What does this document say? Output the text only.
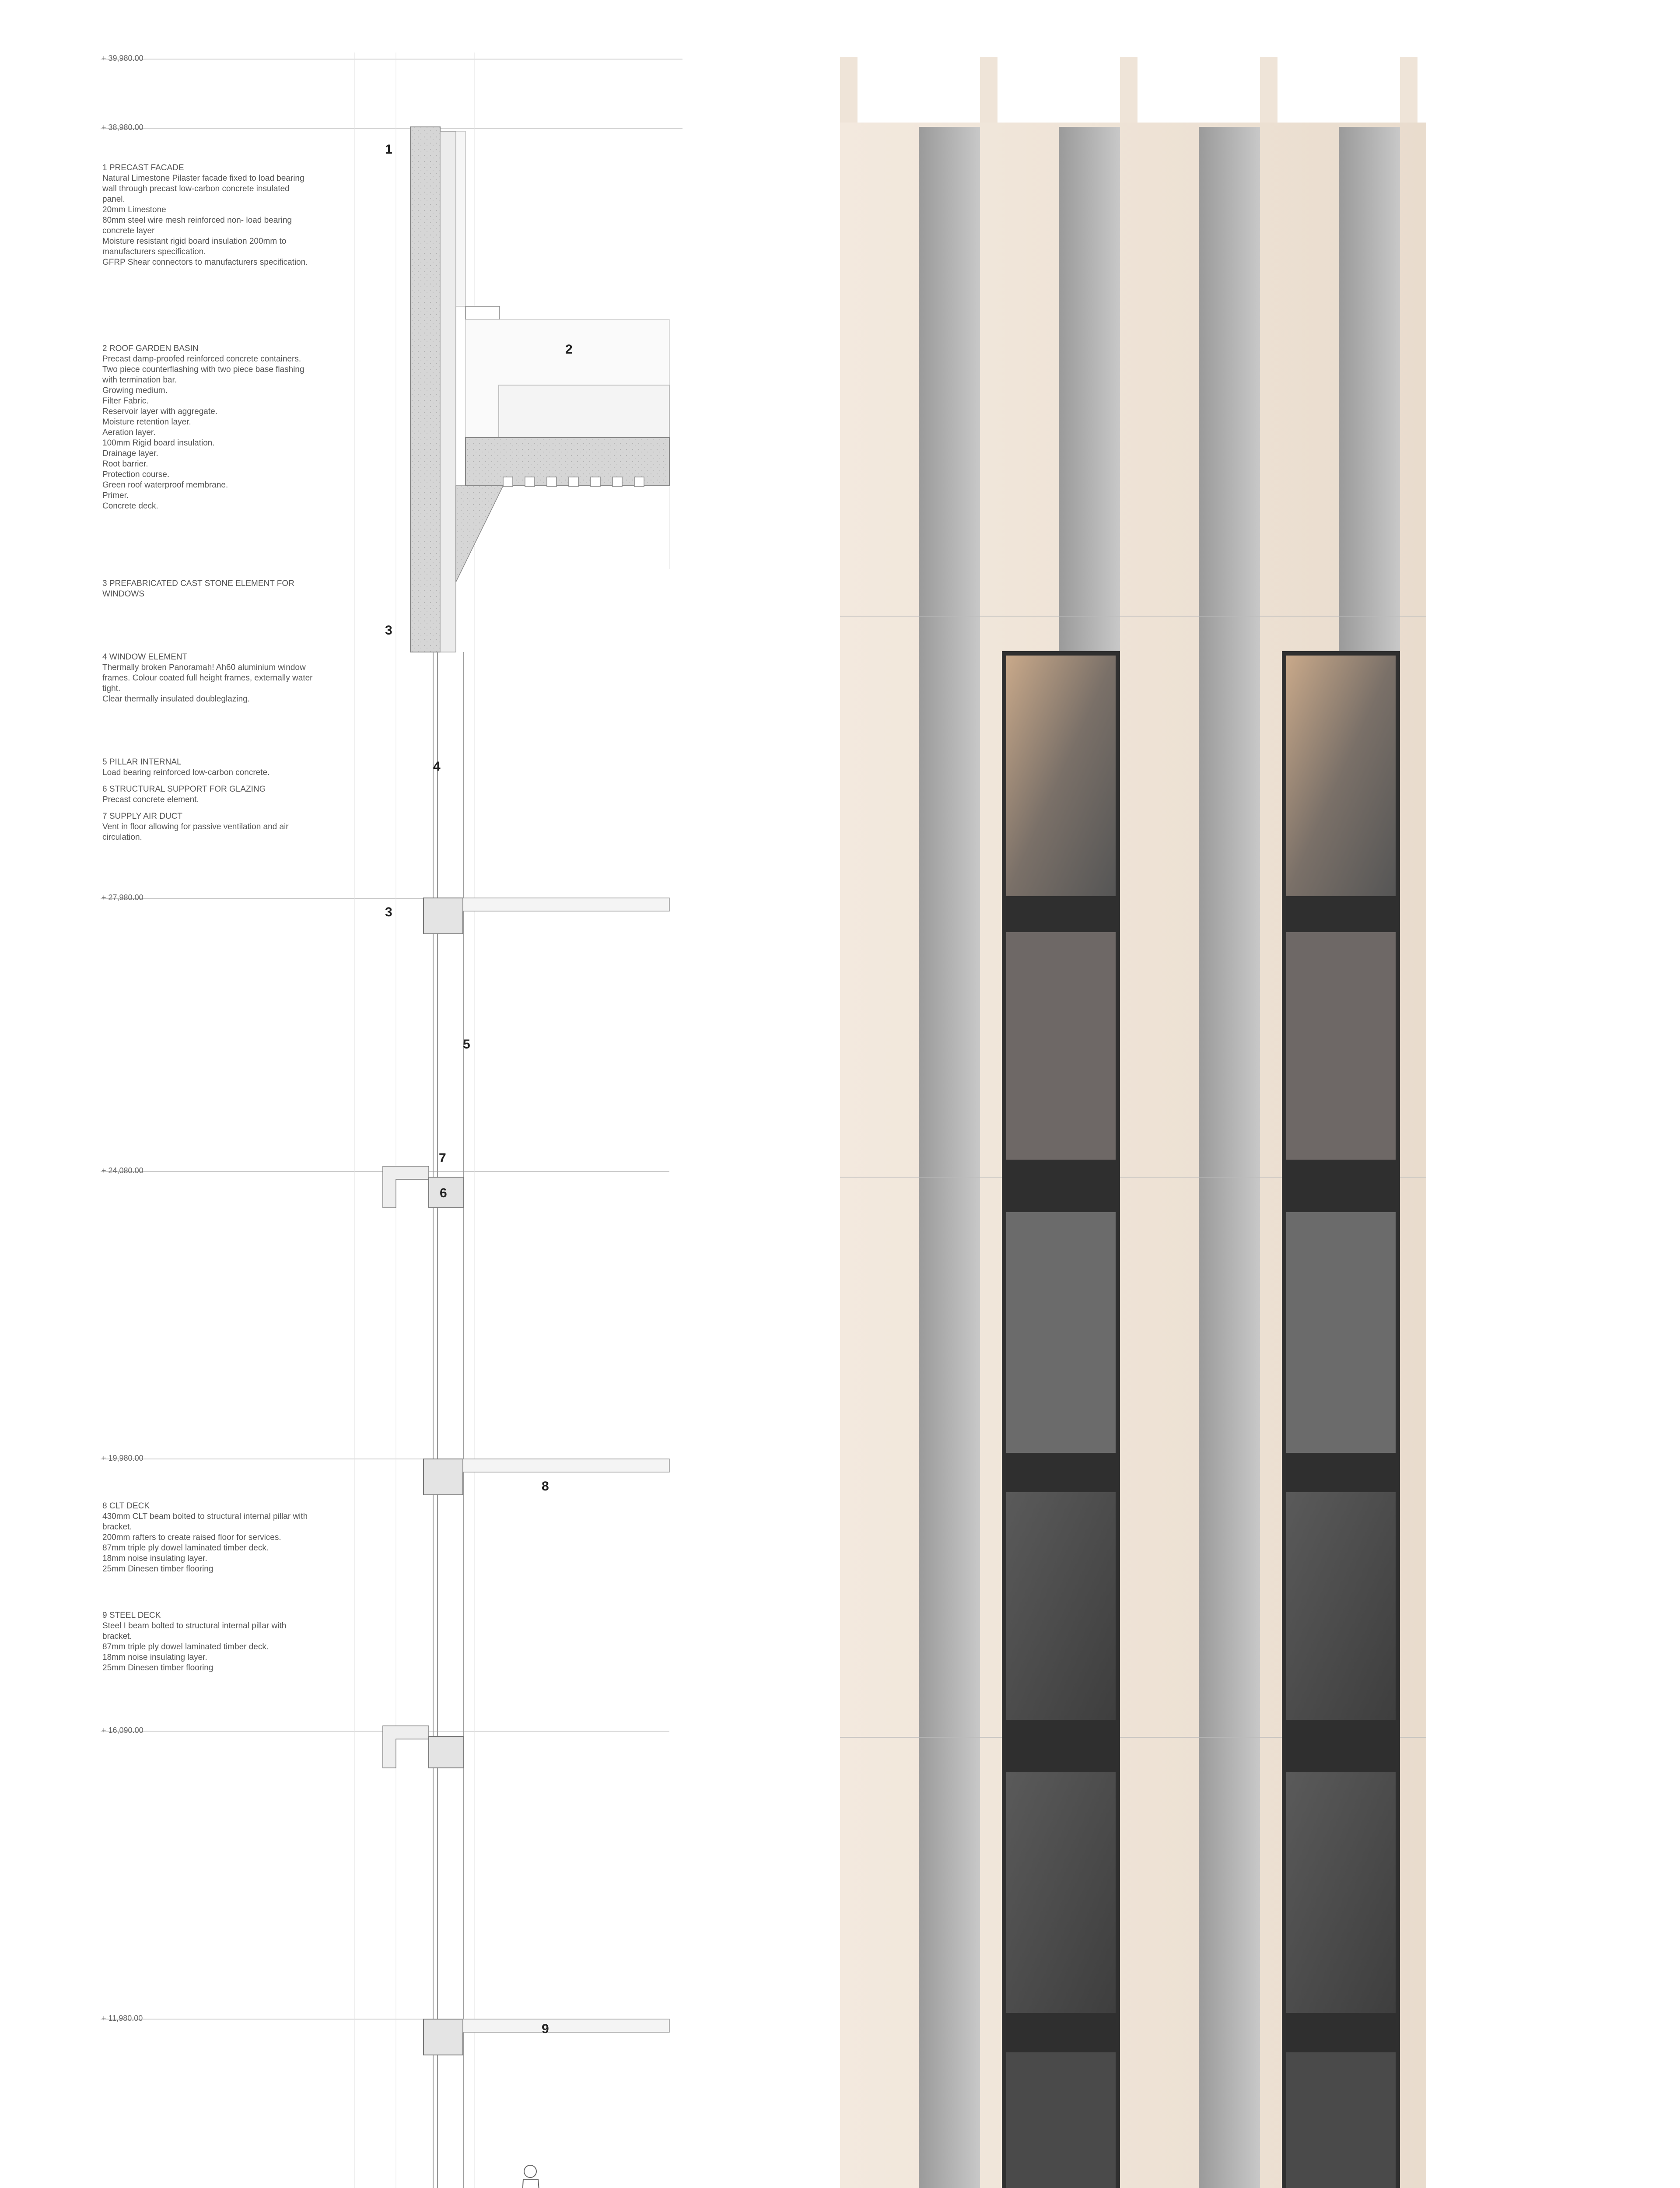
+ 39,980.00
+ 38,980.00
+ 27,980.00
+ 24,080.00
+ 19,980.00
+ 16,090.00
+ 11,980.00
1
2
3
3
4
5
7
6
8
9
1 PRECAST FACADE
Natural Limestone Pilaster facade fixed to load bearing
wall through precast low-carbon concrete insulated
panel.
20mm Limestone
80mm steel wire mesh reinforced non- load bearing
concrete layer
Moisture resistant rigid board insulation 200mm to
manufacturers specification.
GFRP Shear connectors to manufacturers specification.
2 ROOF GARDEN BASIN
Precast damp-proofed reinforced concrete containers.
Two piece counterflashing with two piece base flashing
with termination bar.
Growing medium.
Filter Fabric.
Reservoir layer with aggregate.
Moisture retention layer.
Aeration layer.
100mm Rigid board insulation.
Drainage layer.
Root barrier.
Protection course.
Green roof waterproof membrane.
Primer.
Concrete deck.
3 PREFABRICATED CAST STONE ELEMENT FOR
WINDOWS
4 WINDOW ELEMENT
Thermally broken Panoramah! Ah60 aluminium window
frames. Colour coated full height frames, externally water
tight.
Clear thermally insulated doubleglazing.
5 PILLAR INTERNAL
Load bearing reinforced low-carbon concrete.
6 STRUCTURAL SUPPORT FOR GLAZING
Precast concrete element.
7 SUPPLY AIR DUCT
Vent in floor allowing for passive ventilation and air
circulation.
8 CLT DECK
430mm CLT beam bolted to structural internal pillar with
bracket.
200mm rafters to create raised floor for services.
87mm triple ply dowel laminated timber deck.
18mm noise insulating layer.
25mm Dinesen timber flooring
9 STEEL DECK
Steel I beam bolted to structural internal pillar with
bracket.
87mm triple ply dowel laminated timber deck.
18mm noise insulating layer.
25mm Dinesen timber flooring
